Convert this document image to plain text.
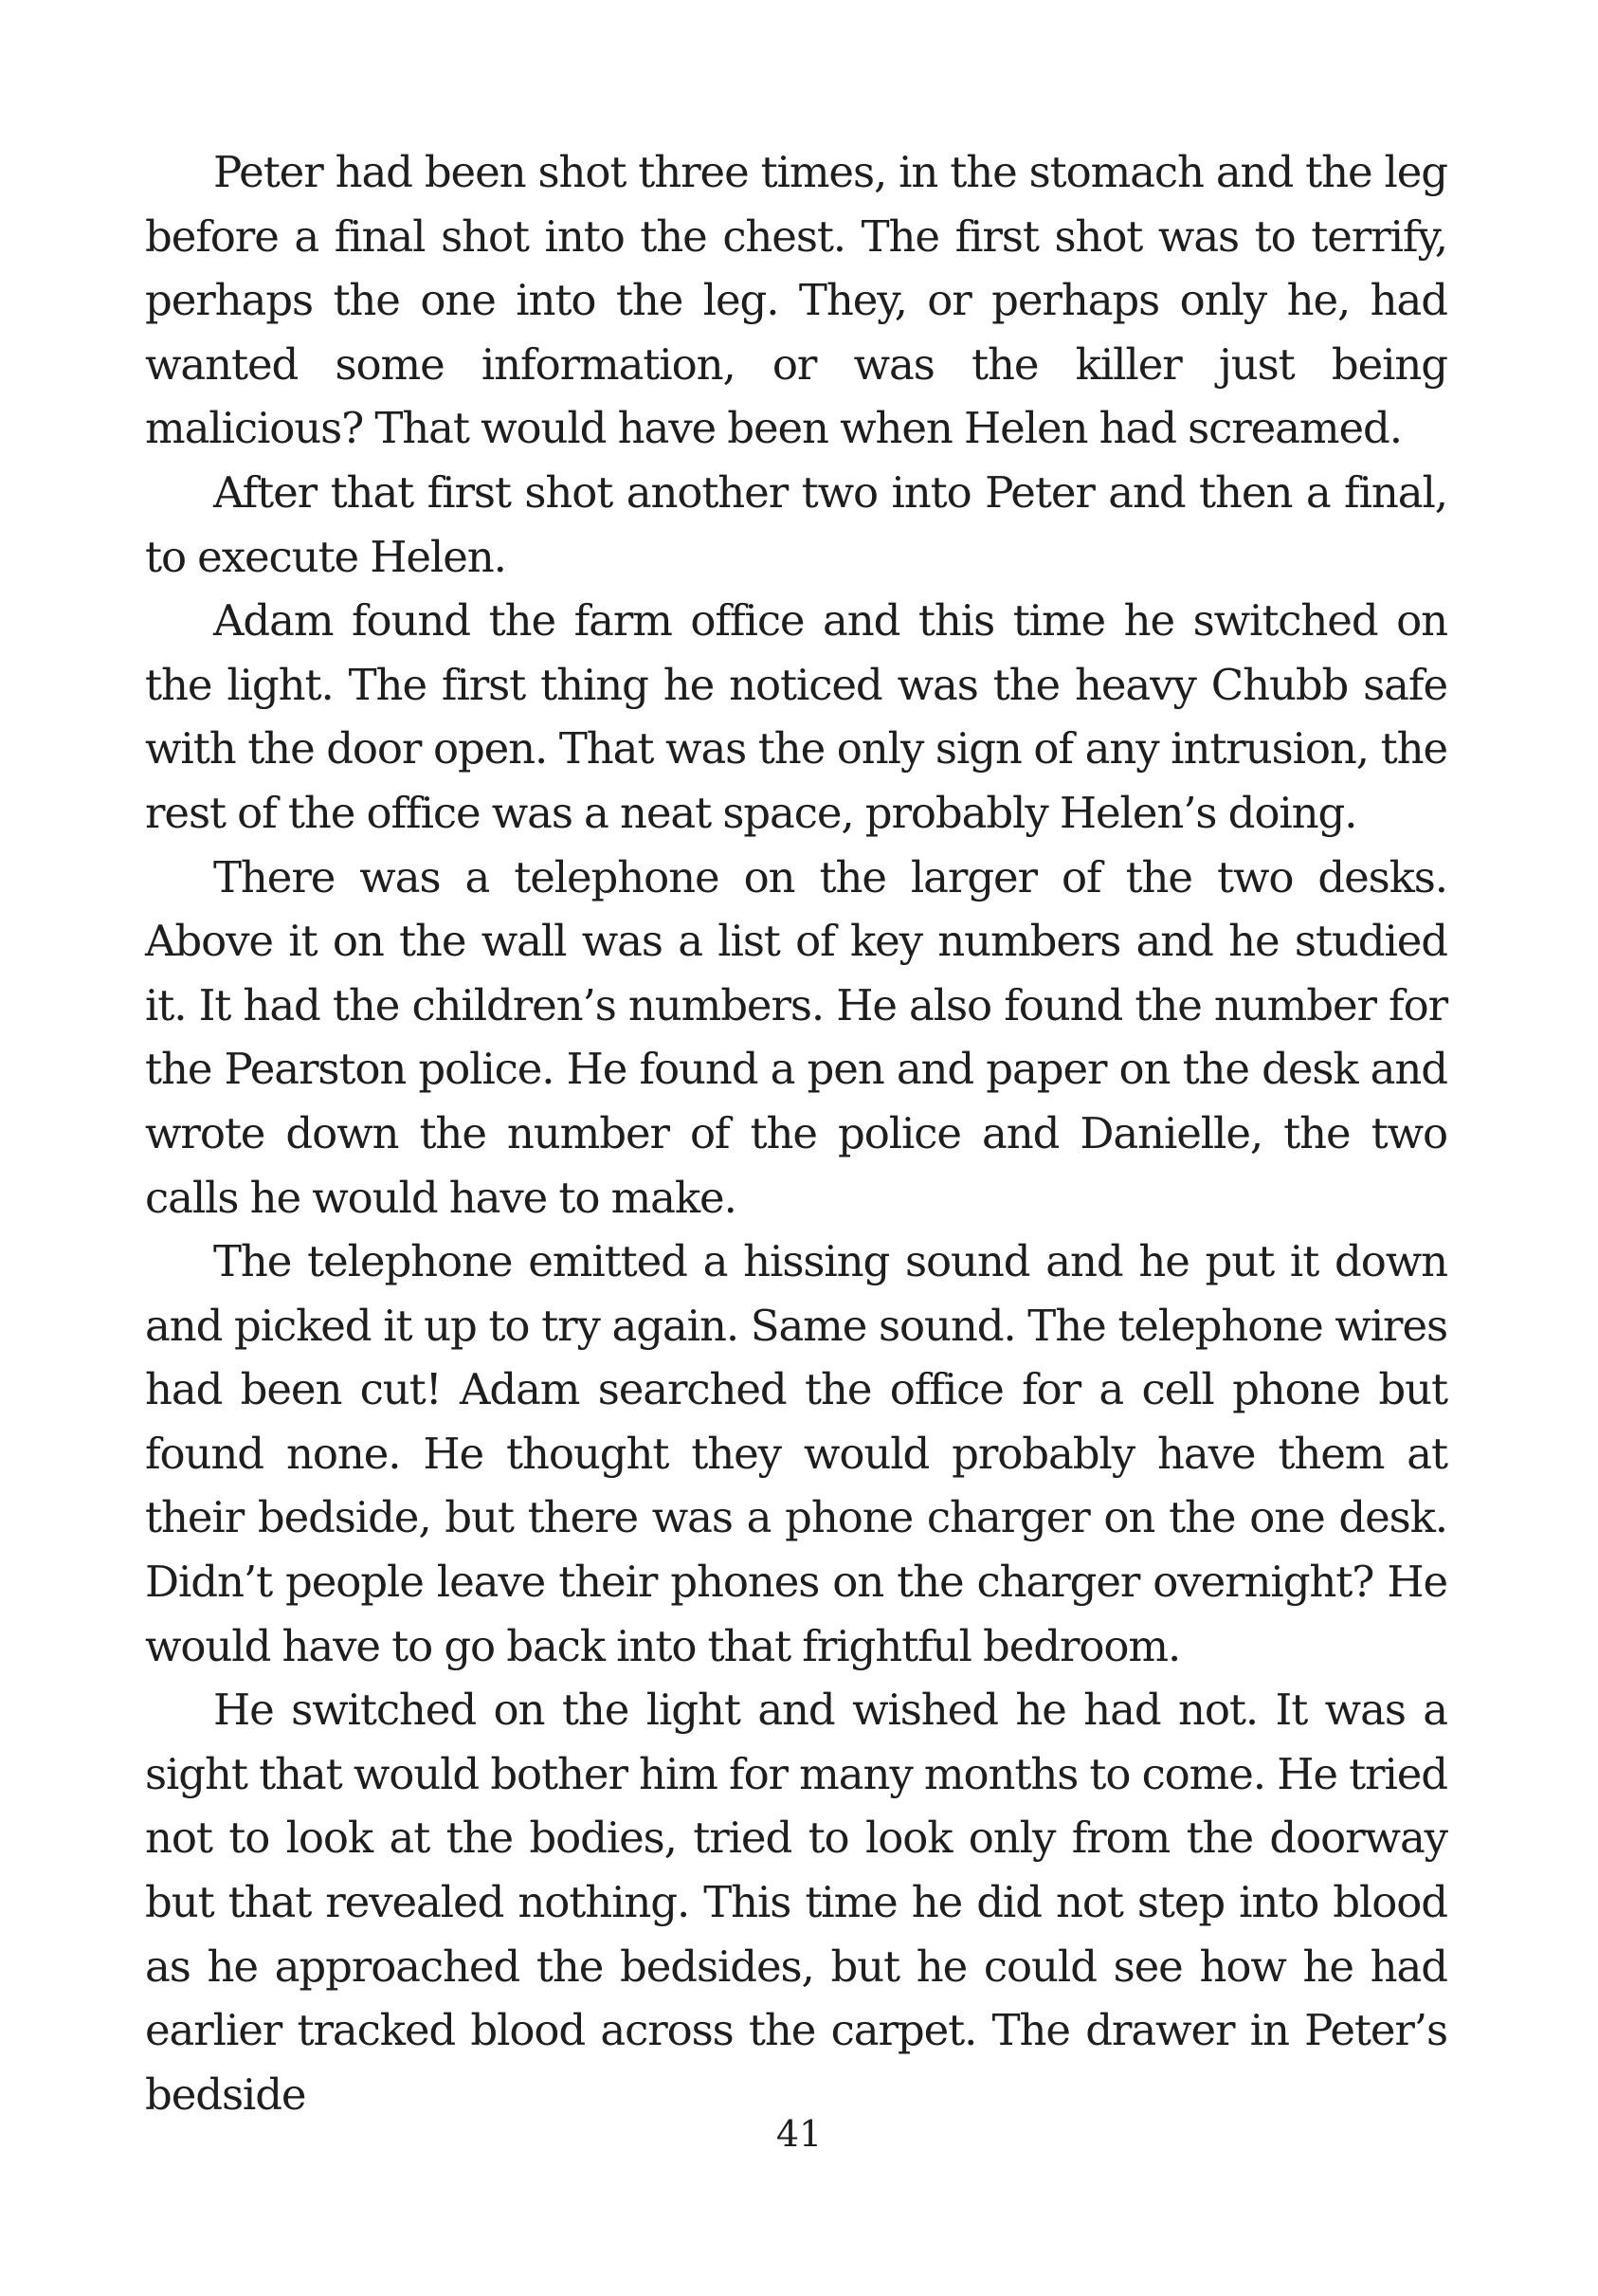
Peter had been shot three times, in the stomach and the leg before a final shot into the chest. The first shot was to terrify, perhaps the one into the leg. They, or perhaps only he, had wanted some information, or was the killer just being malicious? That would have been when Helen had screamed.

After that first shot another two into Peter and then a final, to execute Helen.

Adam found the farm office and this time he switched on the light. The first thing he noticed was the heavy Chubb safe with the door open. That was the only sign of any intrusion, the rest of the office was a neat space, probably Helen’s doing.

There was a telephone on the larger of the two desks. Above it on the wall was a list of key numbers and he studied it. It had the children’s numbers. He also found the number for the Pearston police. He found a pen and paper on the desk and wrote down the number of the police and Danielle, the two calls he would have to make.

The telephone emitted a hissing sound and he put it down and picked it up to try again. Same sound. The telephone wires had been cut! Adam searched the office for a cell phone but found none. He thought they would probably have them at their bedside, but there was a phone charger on the one desk. Didn’t people leave their phones on the charger overnight? He would have to go back into that frightful bedroom.

He switched on the light and wished he had not. It was a sight that would bother him for many months to come. He tried not to look at the bodies, tried to look only from the doorway but that revealed nothing. This time he did not step into blood as he approached the bedsides, but he could see how he had earlier tracked blood across the carpet. The drawer in Peter’s bedside

41
